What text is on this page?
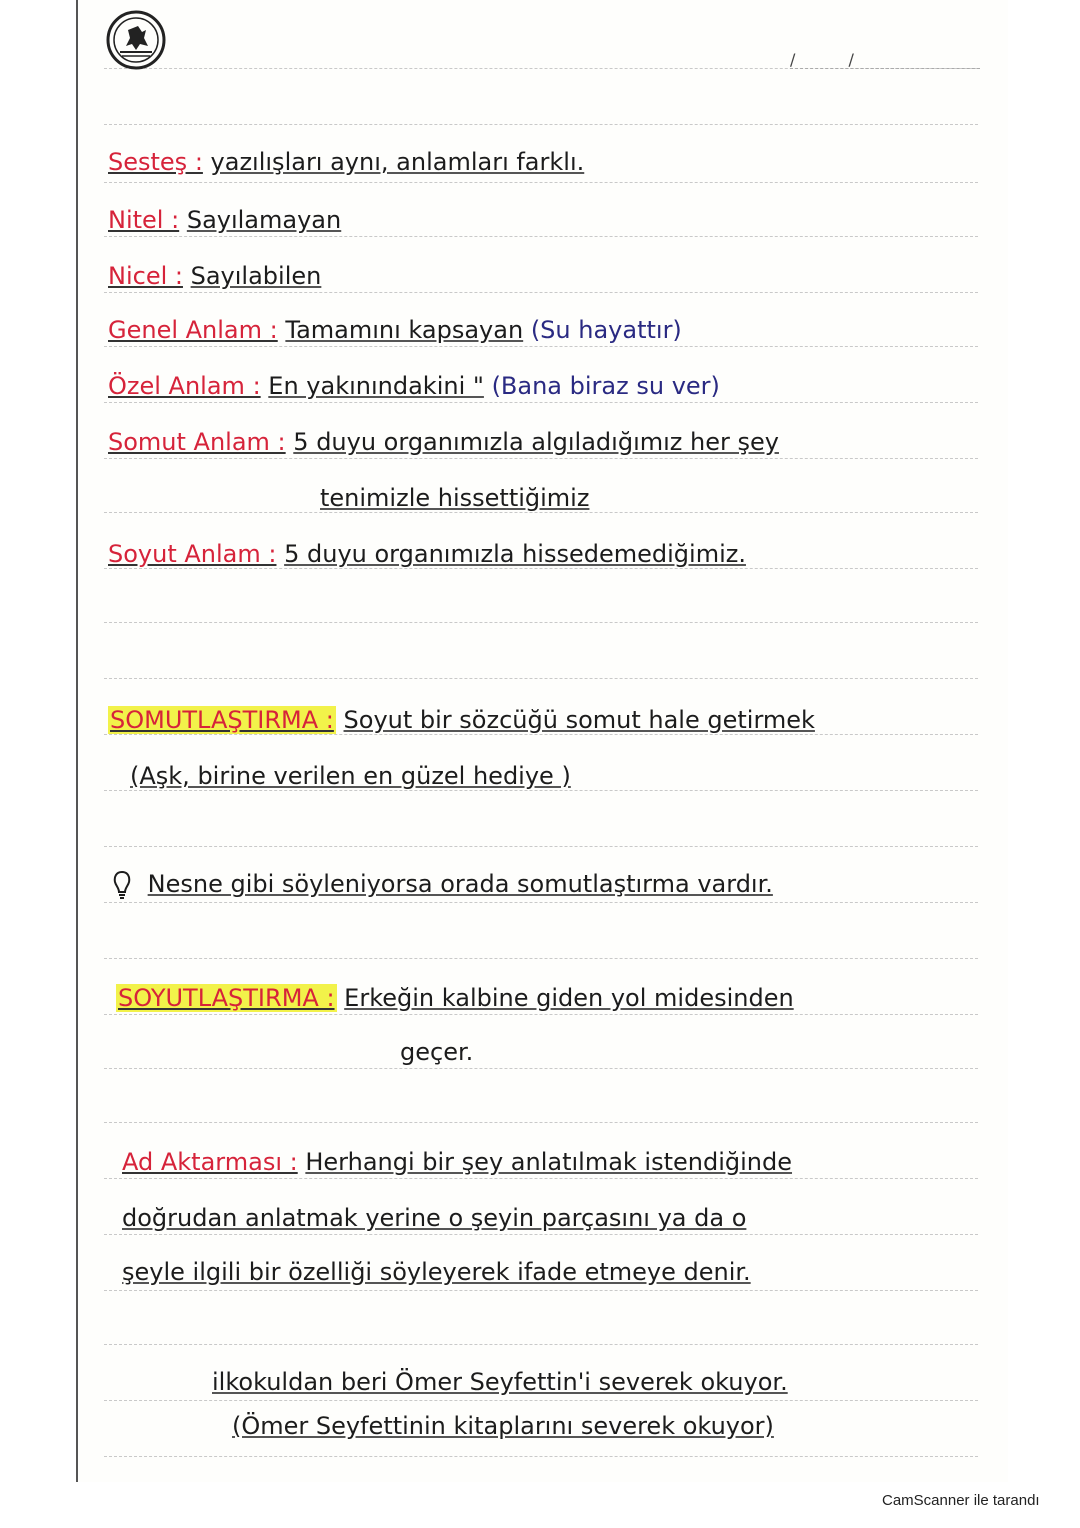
/ /
Sesteş : yazılışları aynı, anlamları farklı.
Nitel : Sayılamayan
Nicel : Sayılabilen
Genel Anlam : Tamamını kapsayan (Su hayattır)
Özel Anlam : En yakınındakini " (Bana biraz su ver)
Somut Anlam : 5 duyu organımızla algıladığımız her şey
tenimizle hissettiğimiz
Soyut Anlam : 5 duyu organımızla hissedemediğimiz.
SOMUTLAŞTIRMA : Soyut bir sözcüğü somut hale getirmek
(Aşk, birine verilen en güzel hediye )
Nesne gibi söyleniyorsa orada somutlaştırma vardır.
SOYUTLAŞTIRMA : Erkeğin kalbine giden yol midesinden
geçer.
Ad Aktarması : Herhangi bir şey anlatılmak istendiğinde
doğrudan anlatmak yerine o şeyin parçasını ya da o
şeyle ilgili bir özelliği söyleyerek ifade etmeye denir.
ilkokuldan beri Ömer Seyfettin'i severek okuyor.
(Ömer Seyfettinin kitaplarını severek okuyor)
CamScanner ile tarandı
